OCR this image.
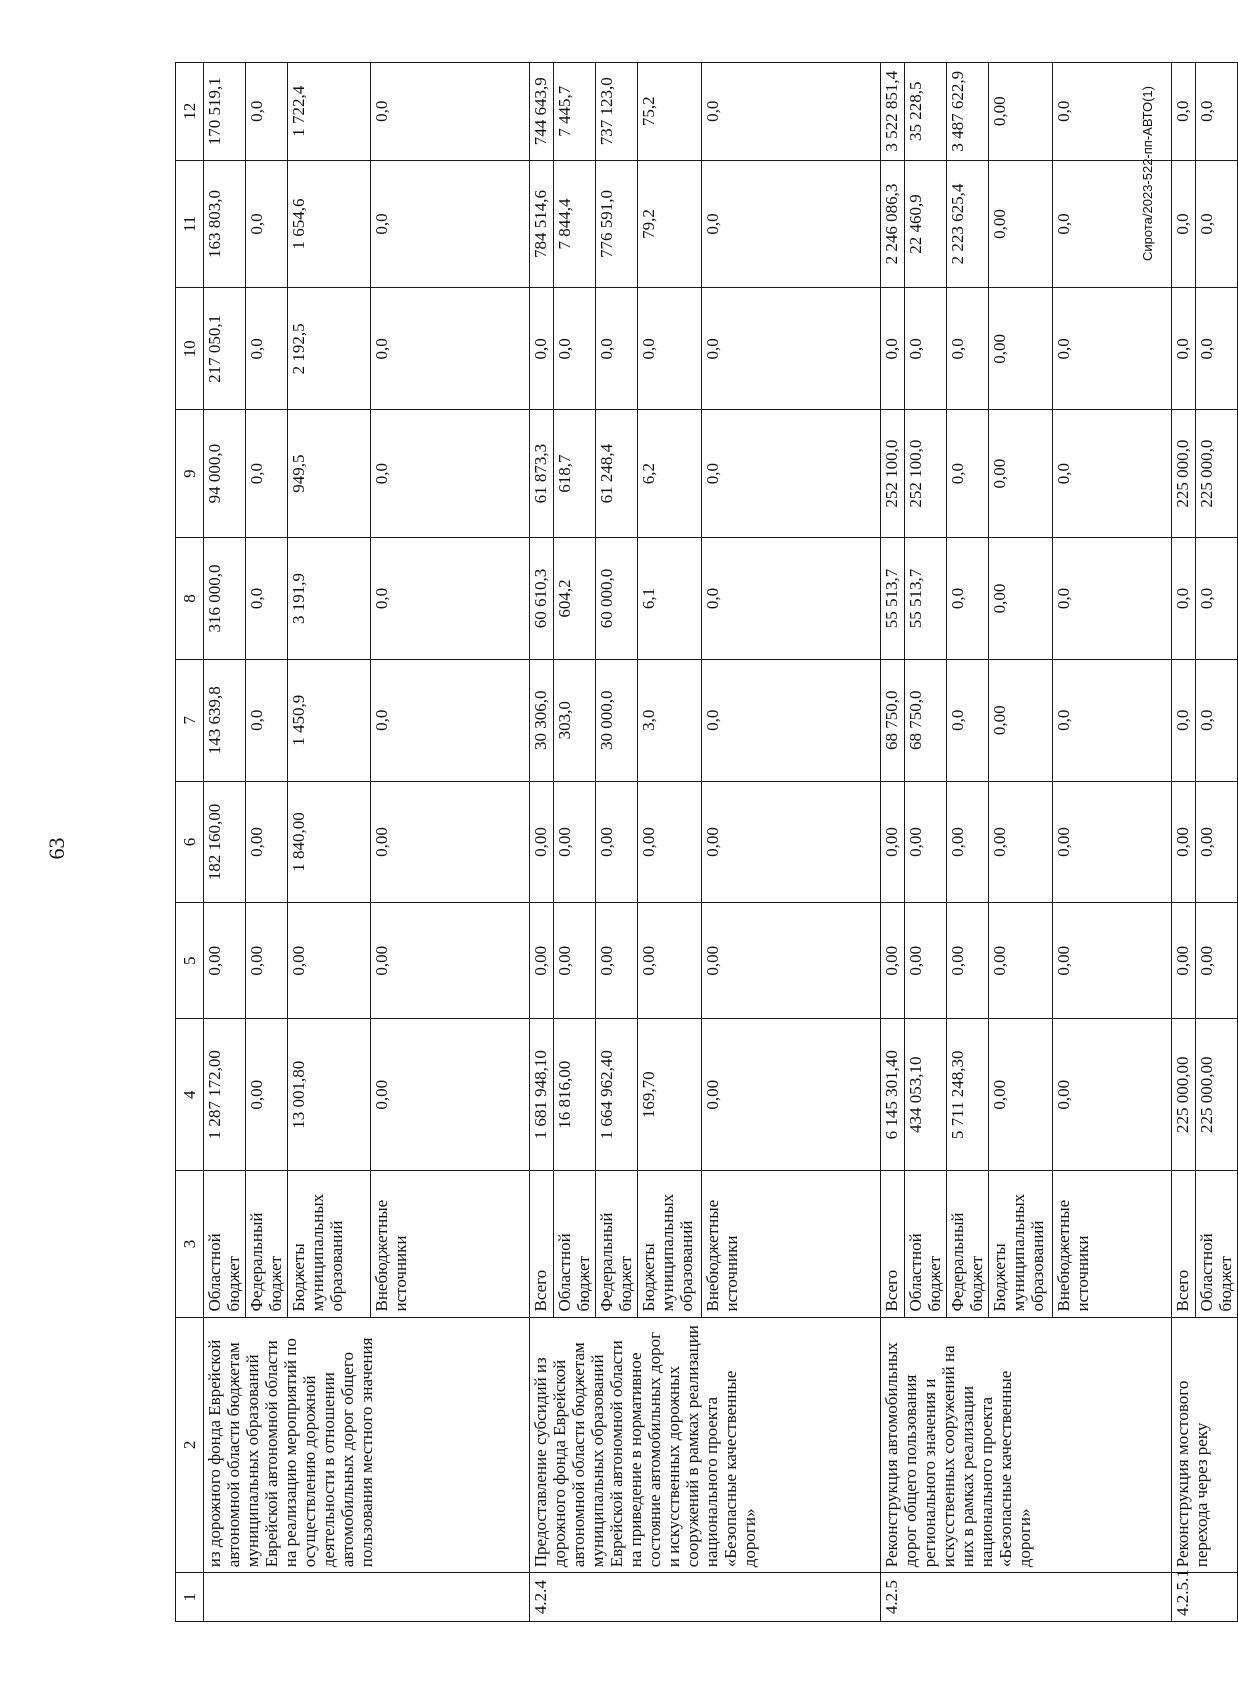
63
1	2	3	4	5	6	7	8	9	10	11	12
	из дорожного фонда Еврейской автономной области бюджетам муниципальных образований Еврейской автономной области на реализацию мероприятий по осуществлению дорожной деятельности в отношении автомобильных дорог общего пользования местного значения	Областной бюджет	1 287 172,00	0,00	182 160,00	143 639,8	316 000,0	94 000,0	217 050,1	163 803,0	170 519,1
		Федеральный бюджет	0,00	0,00	0,00	0,0	0,0	0,0	0,0	0,0	0,0
		Бюджеты муниципальных образований	13 001,80	0,00	1 840,00	1 450,9	3 191,9	949,5	2 192,5	1 654,6	1 722,4
		Внебюджетные источники	0,00	0,00	0,00	0,0	0,0	0,0	0,0	0,0	0,0
4.2.4	Предоставление субсидий из дорожного фонда Еврейской автономной области бюджетам муниципальных образований Еврейской автономной области на приведение в нормативное состояние автомобильных дорог и искусственных дорожных сооружений в рамках реализации национального проекта «Безопасные качественные дороги»	Всего	1 681 948,10	0,00	0,00	30 306,0	60 610,3	61 873,3	0,0	784 514,6	744 643,9
		Областной бюджет	16 816,00	0,00	0,00	303,0	604,2	618,7	0,0	7 844,4	7 445,7
		Федеральный бюджет	1 664 962,40	0,00	0,00	30 000,0	60 000,0	61 248,4	0,0	776 591,0	737 123,0
		Бюджеты муниципальных образований	169,70	0,00	0,00	3,0	6,1	6,2	0,0	79,2	75,2
		Внебюджетные источники	0,00	0,00	0,00	0,0	0,0	0,0	0,0	0,0	0,0
4.2.5	Реконструкция автомобильных дорог общего пользования регионального значения и искусственных сооружений на них в рамках реализации национального проекта «Безопасные качественные дороги»	Всего	6 145 301,40	0,00	0,00	68 750,0	55 513,7	252 100,0	0,0	2 246 086,3	3 522 851,4
		Областной бюджет	434 053,10	0,00	0,00	68 750,0	55 513,7	252 100,0	0,0	22 460,9	35 228,5
		Федеральный бюджет	5 711 248,30	0,00	0,00	0,0	0,0	0,0	0,0	2 223 625,4	3 487 622,9
		Бюджеты муниципальных образований	0,00	0,00	0,00	0,00	0,00	0,00	0,00	0,00	0,00
		Внебюджетные источники	0,00	0,00	0,00	0,0	0,0	0,0	0,0	0,0	0,0
4.2.5.1	Реконструкция мостового перехода через реку	Всего	225 000,00	0,00	0,00	0,0	0,0	225 000,0	0,0	0,0	0,0
		Областной бюджет	225 000,00	0,00	0,00	0,0	0,0	225 000,0	0,0	0,0	0,0
Сирота/2023-522-пп-АВТО(1)
